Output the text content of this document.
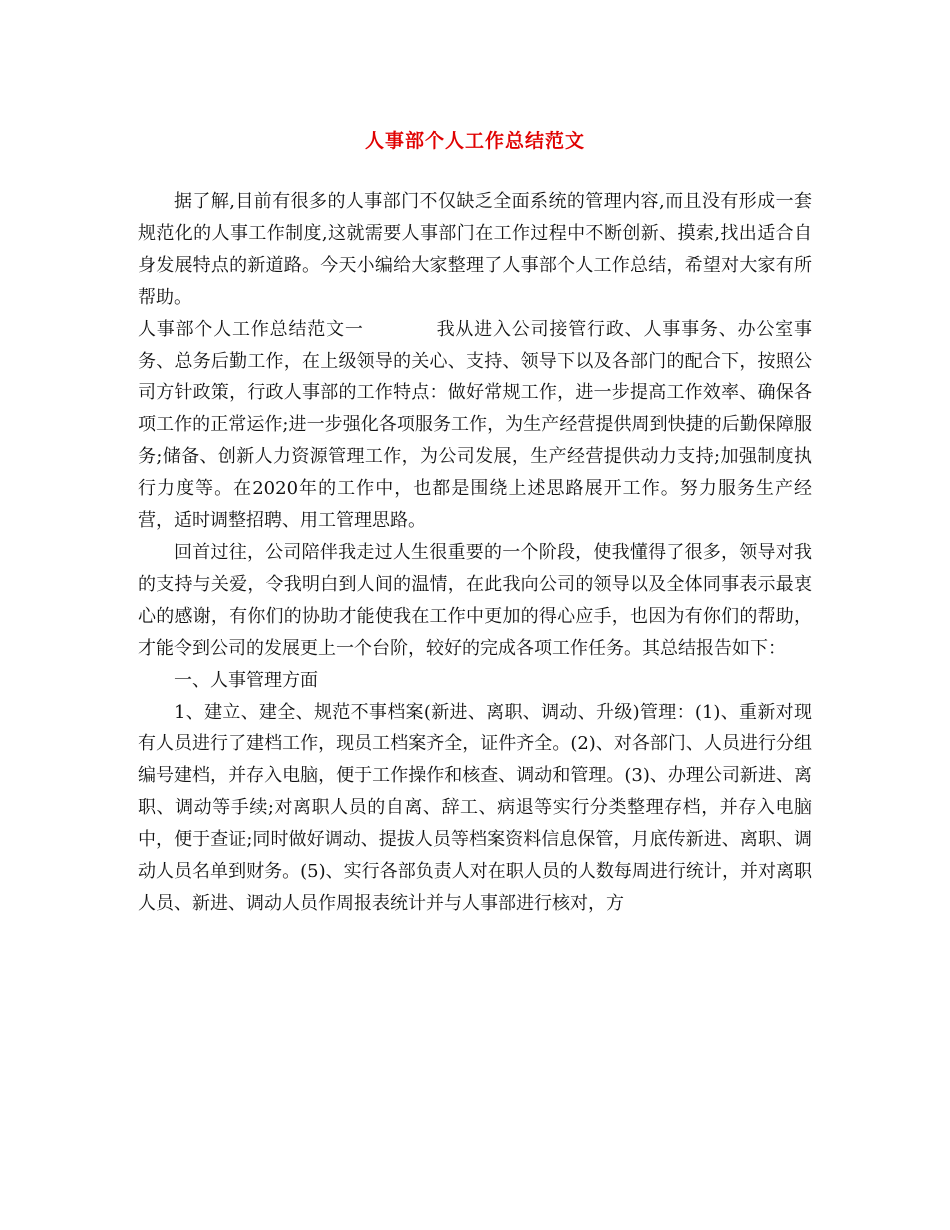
人事部个人工作总结范文

据了解,目前有很多的人事部门不仅缺乏全面系统的管理内容,而且没有形成一套规范化的人事工作制度,这就需要人事部门在工作过程中不断创新、摸索,找出适合自身发展特点的新道路。今天小编给大家整理了人事部个人工作总结，希望对大家有所帮助。

人事部个人工作总结范文一	我从进入公司接管行政、人事事务、办公室事务、总务后勤工作，在上级领导的关心、支持、领导下以及各部门的配合下，按照公司方针政策，行政人事部的工作特点：做好常规工作，进一步提高工作效率、确保各项工作的正常运作;进一步强化各项服务工作，为生产经营提供周到快捷的后勤保障服务;储备、创新人力资源管理工作，为公司发展，生产经营提供动力支持;加强制度执行力度等。在2020年的工作中，也都是围绕上述思路展开工作。努力服务生产经营，适时调整招聘、用工管理思路。

回首过往，公司陪伴我走过人生很重要的一个阶段，使我懂得了很多，领导对我的支持与关爱，令我明白到人间的温情，在此我向公司的领导以及全体同事表示最衷心的感谢，有你们的协助才能使我在工作中更加的得心应手，也因为有你们的帮助，才能令到公司的发展更上一个台阶，较好的完成各项工作任务。其总结报告如下：

一、人事管理方面

1、建立、建全、规范不事档案(新进、离职、调动、升级)管理：(1)、重新对现有人员进行了建档工作，现员工档案齐全，证件齐全。(2)、对各部门、人员进行分组编号建档，并存入电脑，便于工作操作和核查、调动和管理。(3)、办理公司新进、离职、调动等手续;对离职人员的自离、辞工、病退等实行分类整理存档，并存入电脑中，便于查证;同时做好调动、提拔人员等档案资料信息保管，月底传新进、离职、调动人员名单到财务。(5)、实行各部负责人对在职人员的人数每周进行统计，并对离职人员、新进、调动人员作周报表统计并与人事部进行核对，方
